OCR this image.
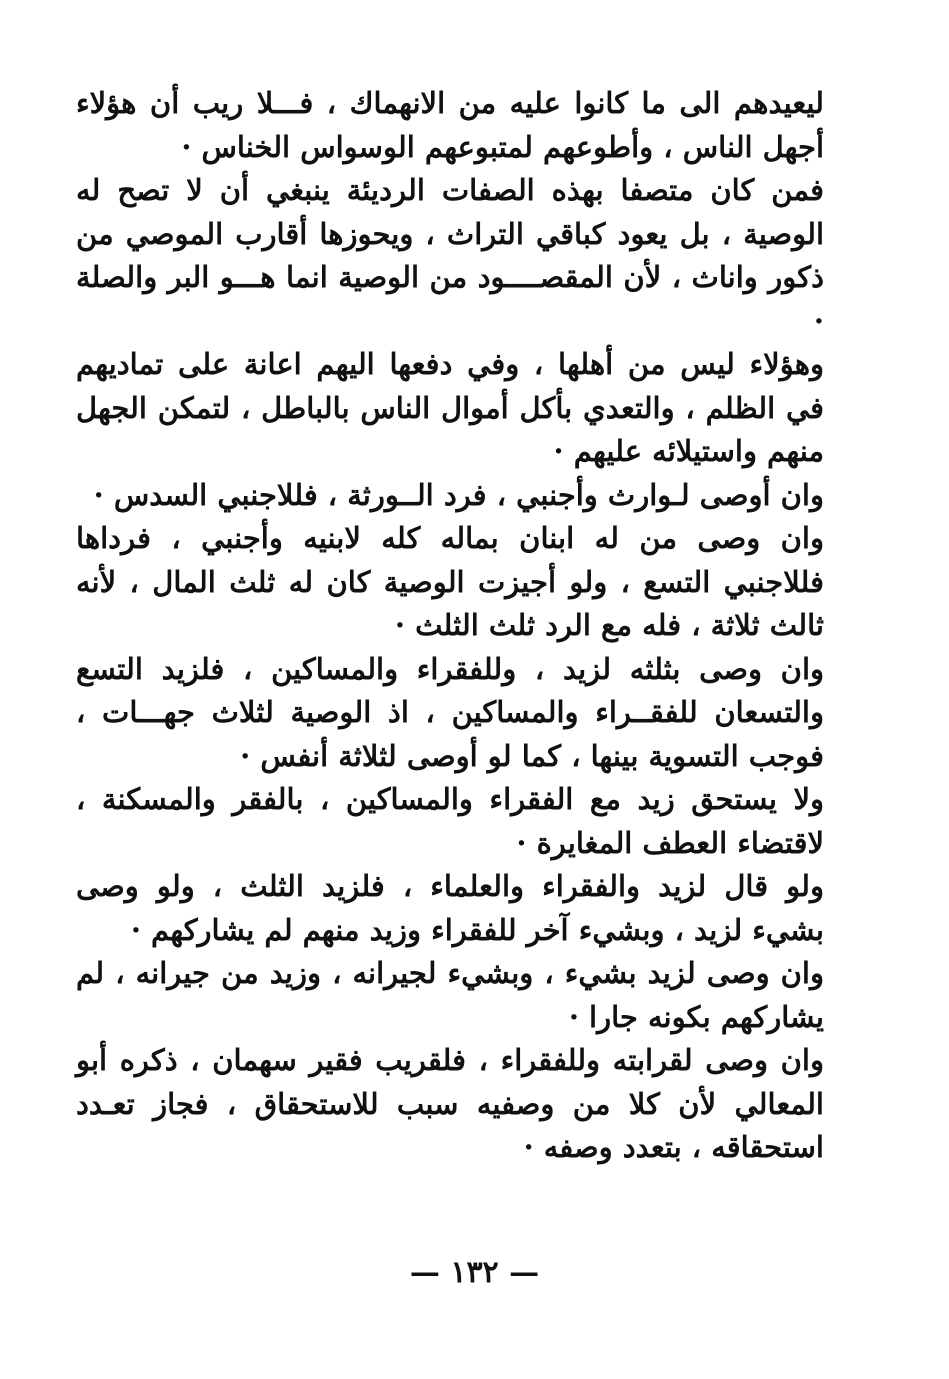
ليعيدهم الى ما كانوا عليه من الانهماك ، فـــلا ريب أن هؤلاء أجهل الناس ، وأطوعهم لمتبوعهم الوسواس الخناس ·

فمن كان متصفا بهذه الصفات الرديئة ينبغي أن لا تصح له الوصية ، بل يعود كباقي التراث ، ويحوزها أقارب الموصي من ذكور واناث ، لأن المقصــــود من الوصية انما هـــو البر والصلة ·

وهؤلاء ليس من أهلها ، وفي دفعها اليهم اعانة على تماديهم في الظلم ، والتعدي بأكل أموال الناس بالباطل ، لتمكن الجهل منهم واستيلائه عليهم ·

وان أوصى لـوارث وأجنبي ، فرد الــورثة ، فللاجنبي السدس ·

وان وصى من له ابنان بماله كله لابنيه وأجنبي ، فرداها فللاجنبي التسع ، ولو أجيزت الوصية كان له ثلث المال ، لأنه ثالث ثلاثة ، فله مع الرد ثلث الثلث ·

وان وصى بثلثه لزيد ، وللفقراء والمساكين ، فلزيد التسع والتسعان للفقــراء والمساكين ، اذ الوصية لثلاث جهـــات ، فوجب التسوية بينها ، كما لو أوصى لثلاثة أنفس ·

ولا يستحق زيد مع الفقراء والمساكين ، بالفقر والمسكنة ، لاقتضاء العطف المغايرة ·

ولو قال لزيد والفقراء والعلماء ، فلزيد الثلث ، ولو وصى بشيء لزيد ، وبشيء آخر للفقراء وزيد منهم لم يشاركهم ·

وان وصى لزيد بشيء ، وبشيء لجيرانه ، وزيد من جيرانه ، لم يشاركهم بكونه جارا ·

وان وصى لقرابته وللفقراء ، فلقريب فقير سهمان ، ذكره أبو المعالي لأن كلا من وصفيه سبب للاستحقاق ، فجاز تعـدد استحقاقه ، بتعدد وصفه ·

— ١٣٢ —
